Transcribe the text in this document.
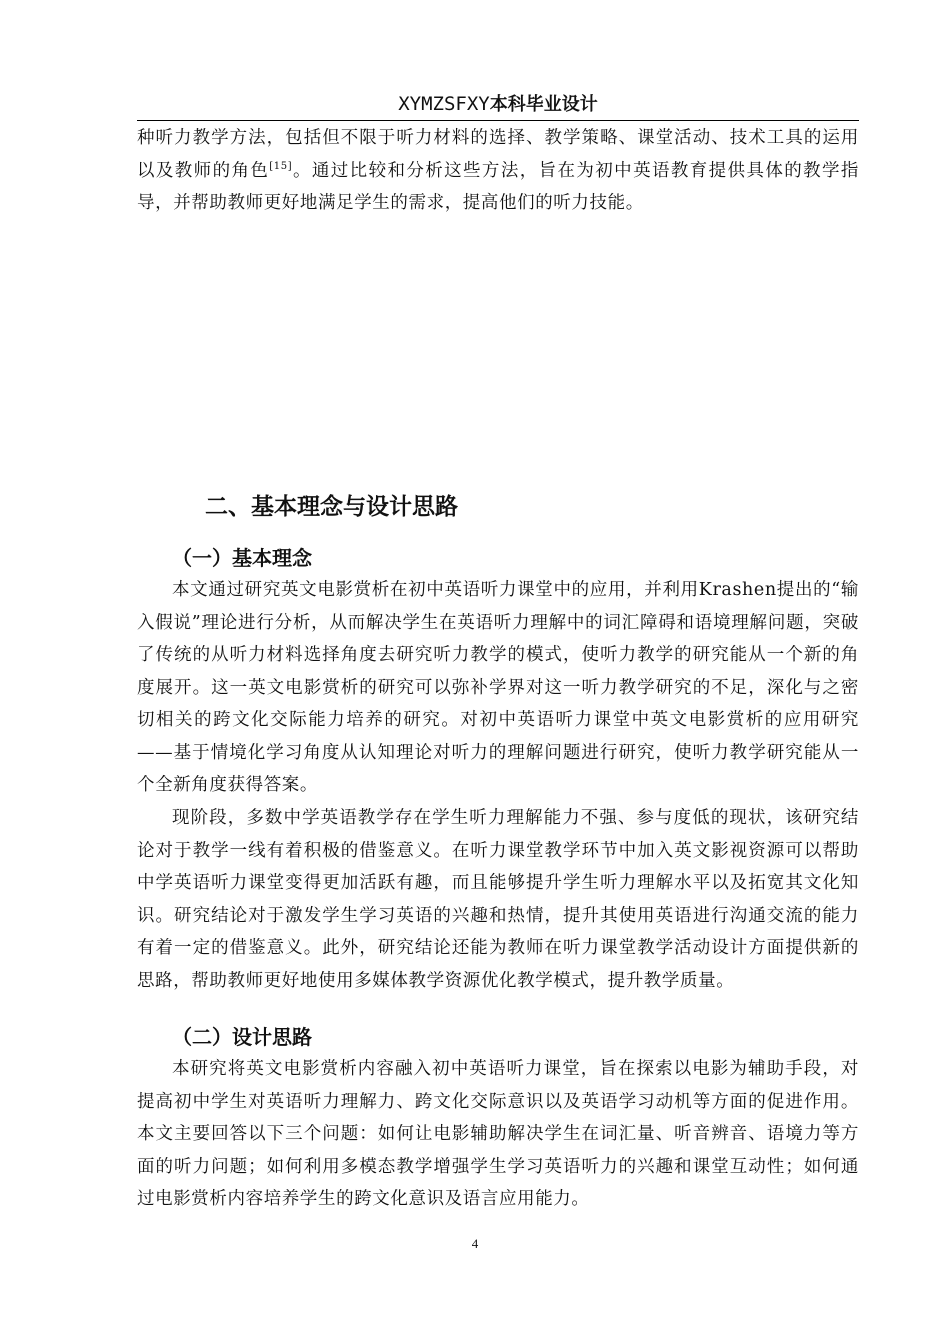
XYMZSFXY本科毕业设计

种听力教学方法，包括但不限于听力材料的选择、教学策略、课堂活动、技术工具的运用以及教师的角色[15]。通过比较和分析这些方法，旨在为初中英语教育提供具体的教学指导，并帮助教师更好地满足学生的需求，提高他们的听力技能。

二、基本理念与设计思路
（一）基本理念

本文通过研究英文电影赏析在初中英语听力课堂中的应用，并利用Krashen提出的“输入假说”理论进行分析，从而解决学生在英语听力理解中的词汇障碍和语境理解问题，突破了传统的从听力材料选择角度去研究听力教学的模式，使听力教学的研究能从一个新的角度展开。这一英文电影赏析的研究可以弥补学界对这一听力教学研究的不足，深化与之密切相关的跨文化交际能力培养的研究。对初中英语听力课堂中英文电影赏析的应用研究——基于情境化学习角度从认知理论对听力的理解问题进行研究，使听力教学研究能从一个全新角度获得答案。

现阶段，多数中学英语教学存在学生听力理解能力不强、参与度低的现状，该研究结论对于教学一线有着积极的借鉴意义。在听力课堂教学环节中加入英文影视资源可以帮助中学英语听力课堂变得更加活跃有趣，而且能够提升学生听力理解水平以及拓宽其文化知识。研究结论对于激发学生学习英语的兴趣和热情，提升其使用英语进行沟通交流的能力有着一定的借鉴意义。此外，研究结论还能为教师在听力课堂教学活动设计方面提供新的思路，帮助教师更好地使用多媒体教学资源优化教学模式，提升教学质量。

（二）设计思路

本研究将英文电影赏析内容融入初中英语听力课堂，旨在探索以电影为辅助手段，对提高初中学生对英语听力理解力、跨文化交际意识以及英语学习动机等方面的促进作用。本文主要回答以下三个问题：如何让电影辅助解决学生在词汇量、听音辨音、语境力等方面的听力问题；如何利用多模态教学增强学生学习英语听力的兴趣和课堂互动性；如何通过电影赏析内容培养学生的跨文化意识及语言应用能力。

4
